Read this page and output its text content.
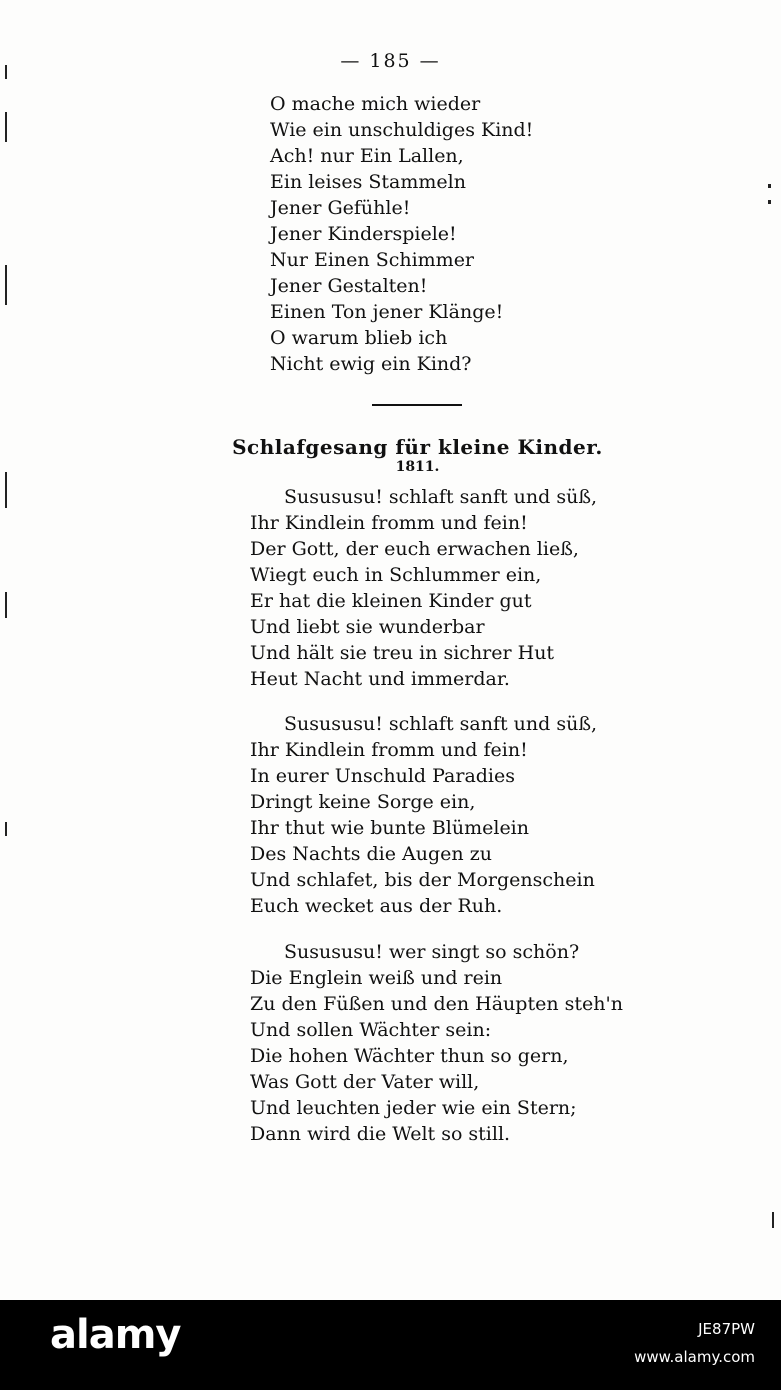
— 185 —
O mache mich wieder
Wie ein unschuldiges Kind!
Ach! nur Ein Lallen,
Ein leises Stammeln
Jener Gefühle!
Jener Kinderspiele!
Nur Einen Schimmer
Jener Gestalten!
Einen Ton jener Klänge!
O warum blieb ich
Nicht ewig ein Kind?
Schlafgesang für kleine Kinder.
1811.
Susususu! schlaft sanft und süß,
Ihr Kindlein fromm und fein!
Der Gott, der euch erwachen ließ,
Wiegt euch in Schlummer ein,
Er hat die kleinen Kinder gut
Und liebt sie wunderbar
Und hält sie treu in sichrer Hut
Heut Nacht und immerdar.
Susususu! schlaft sanft und süß,
Ihr Kindlein fromm und fein!
In eurer Unschuld Paradies
Dringt keine Sorge ein,
Ihr thut wie bunte Blümelein
Des Nachts die Augen zu
Und schlafet, bis der Morgenschein
Euch wecket aus der Ruh.
Susususu! wer singt so schön?
Die Englein weiß und rein
Zu den Füßen und den Häupten steh'n
Und sollen Wächter sein:
Die hohen Wächter thun so gern,
Was Gott der Vater will,
Und leuchten jeder wie ein Stern;
Dann wird die Welt so still.
alamy	JE87PW
www.alamy.com
